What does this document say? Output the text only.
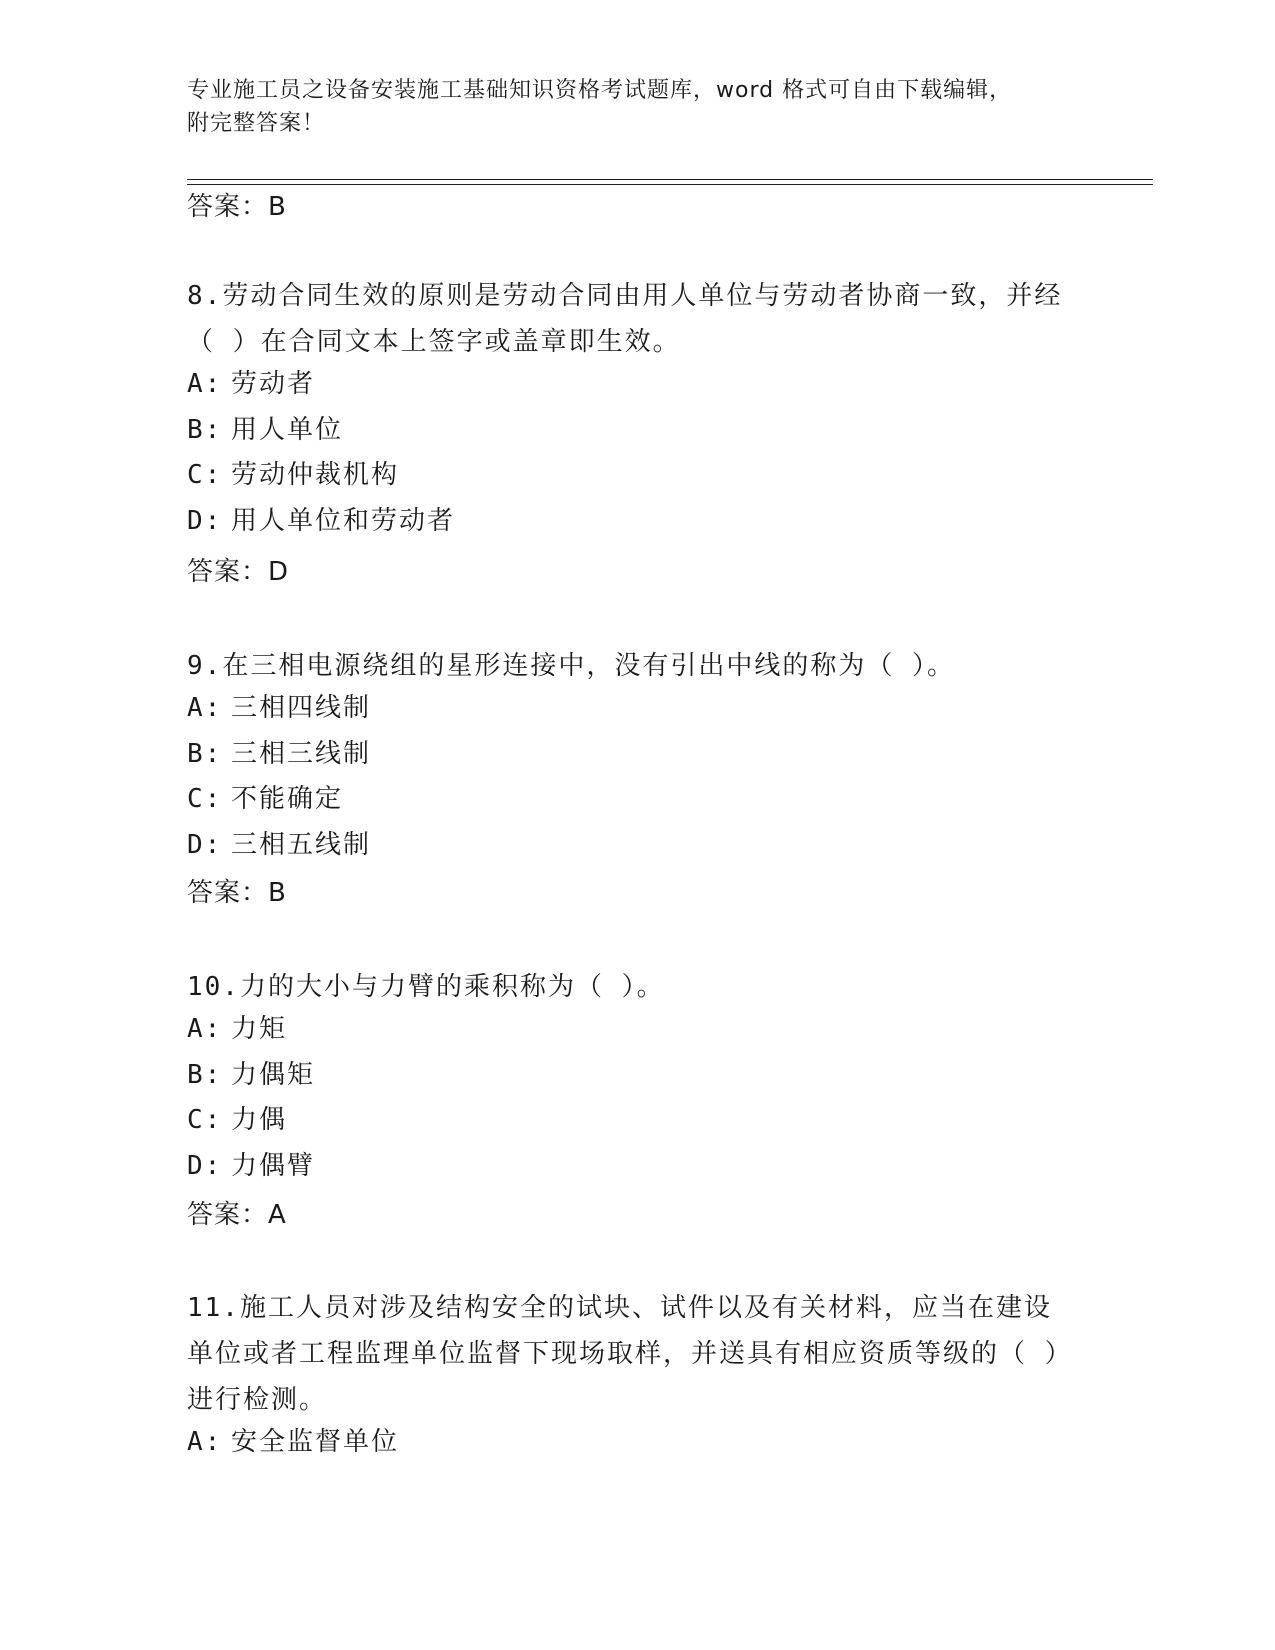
专业施工员之设备安装施工基础知识资格考试题库，word 格式可自由下载编辑，
附完整答案！
答案：B
8.劳动合同生效的原则是劳动合同由用人单位与劳动者协商一致，并经（ ）在合同文本上签字或盖章即生效。
A: 劳动者
B: 用人单位
C: 劳动仲裁机构
D: 用人单位和劳动者
答案：D
9.在三相电源绕组的星形连接中，没有引出中线的称为（ ）。
A: 三相四线制
B: 三相三线制
C: 不能确定
D: 三相五线制
答案：B
10.力的大小与力臂的乘积称为（ ）。
A: 力矩
B: 力偶矩
C: 力偶
D: 力偶臂
答案：A
11.施工人员对涉及结构安全的试块、试件以及有关材料，应当在建设单位或者工程监理单位监督下现场取样，并送具有相应资质等级的（ ）进行检测。
A: 安全监督单位
